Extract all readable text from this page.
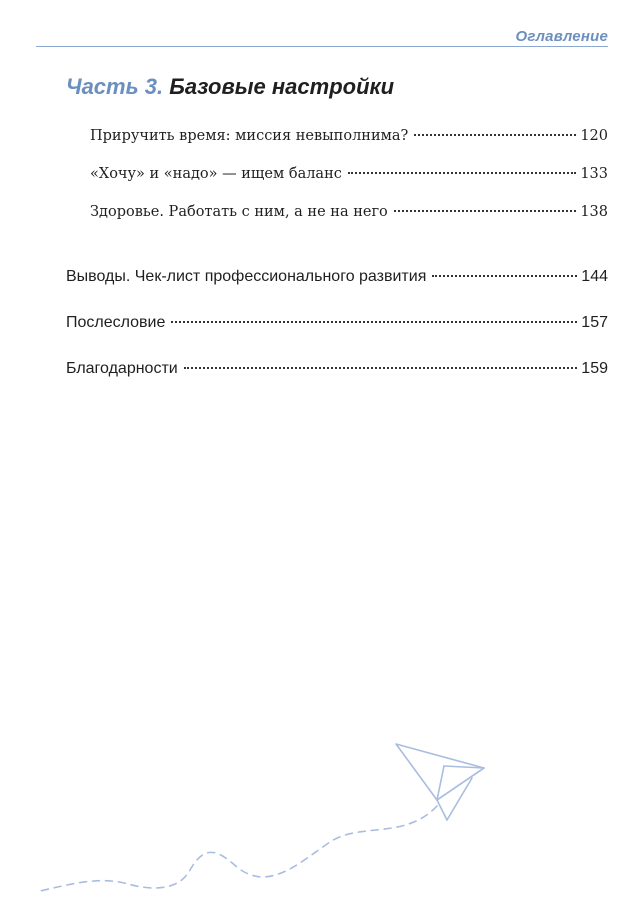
Оглавление
Часть 3. Базовые настройки
Приручить время: миссия невыполнима?	120
«Хочу» и «надо» — ищем баланс	133
Здоровье. Работать с ним, а не на него	138
Выводы. Чек-лист профессионального развития	144
Послесловие	157
Благодарности	159
